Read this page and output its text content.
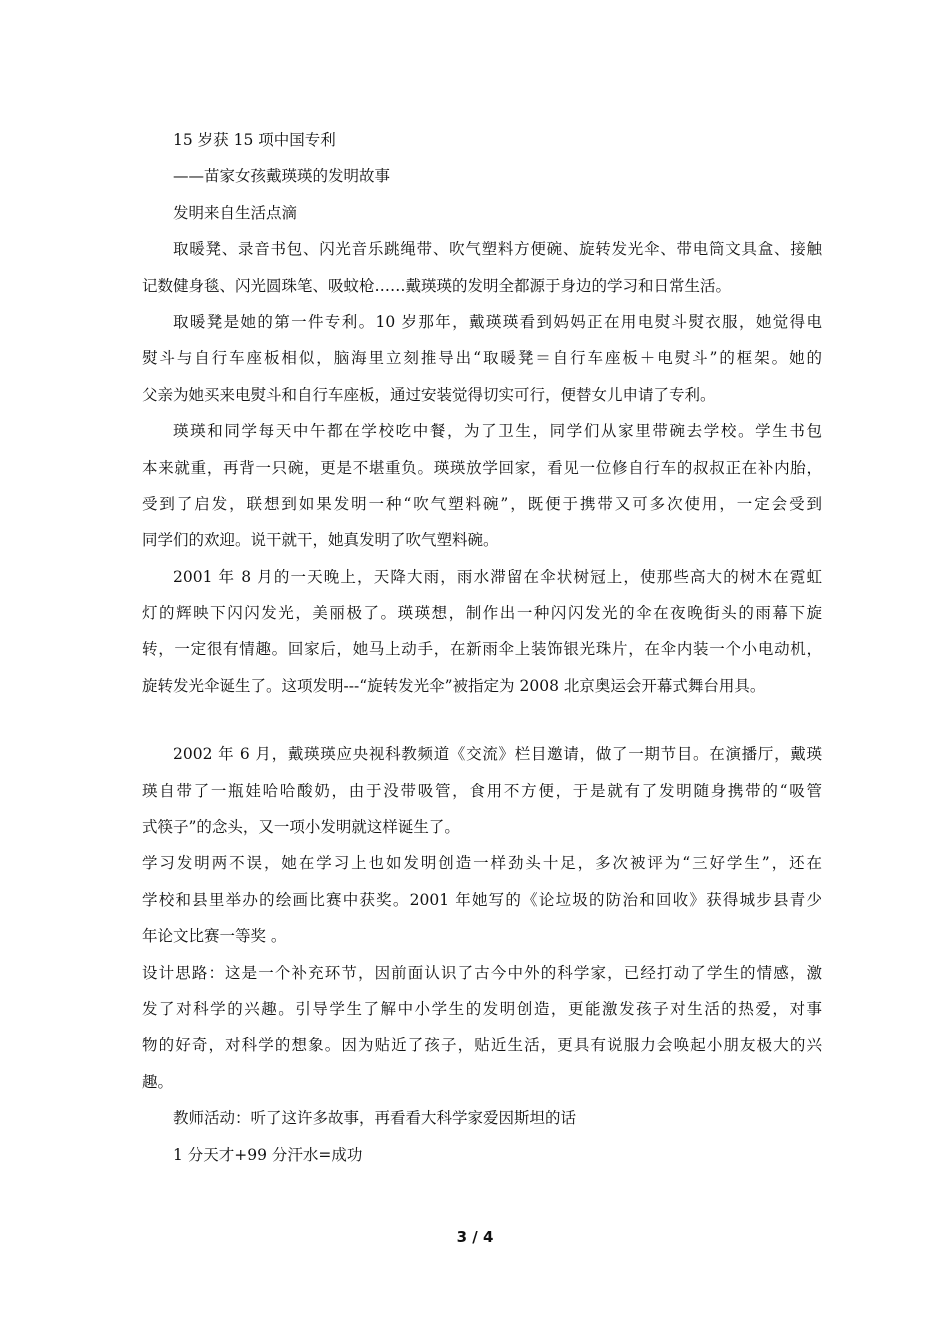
15 岁获 15 项中国专利
——苗家女孩戴瑛瑛的发明故事
发明来自生活点滴
取暖凳、录音书包、闪光音乐跳绳带、吹气塑料方便碗、旋转发光伞、带电筒文具盒、接触
记数健身毯、闪光圆珠笔、吸蚊枪……戴瑛瑛的发明全都源于身边的学习和日常生活。
取暖凳是她的第一件专利。10 岁那年，戴瑛瑛看到妈妈正在用电熨斗熨衣服，她觉得电
熨斗与自行车座板相似，脑海里立刻推导出“取暖凳＝自行车座板＋电熨斗”的框架。她的
父亲为她买来电熨斗和自行车座板，通过安装觉得切实可行，便替女儿申请了专利。
瑛瑛和同学每天中午都在学校吃中餐，为了卫生，同学们从家里带碗去学校。学生书包
本来就重，再背一只碗，更是不堪重负。瑛瑛放学回家，看见一位修自行车的叔叔正在补内胎，
受到了启发，联想到如果发明一种“吹气塑料碗”，既便于携带又可多次使用，一定会受到
同学们的欢迎。说干就干，她真发明了吹气塑料碗。
2001 年 8 月的一天晚上，天降大雨，雨水滞留在伞状树冠上，使那些高大的树木在霓虹
灯的辉映下闪闪发光，美丽极了。瑛瑛想，制作出一种闪闪发光的伞在夜晚街头的雨幕下旋
转，一定很有情趣。回家后，她马上动手，在新雨伞上装饰银光珠片，在伞内装一个小电动机，
旋转发光伞诞生了。这项发明---“旋转发光伞”被指定为 2008 北京奥运会开幕式舞台用具。
2002 年 6 月，戴瑛瑛应央视科教频道《交流》栏目邀请，做了一期节目。在演播厅，戴瑛
瑛自带了一瓶娃哈哈酸奶，由于没带吸管，食用不方便，于是就有了发明随身携带的“吸管
式筷子”的念头，又一项小发明就这样诞生了。
学习发明两不误，她在学习上也如发明创造一样劲头十足，多次被评为“三好学生”，还在
学校和县里举办的绘画比赛中获奖。2001 年她写的《论垃圾的防治和回收》获得城步县青少
年论文比赛一等奖 。
设计思路：这是一个补充环节，因前面认识了古今中外的科学家，已经打动了学生的情感，激
发了对科学的兴趣。引导学生了解中小学生的发明创造，更能激发孩子对生活的热爱，对事
物的好奇，对科学的想象。因为贴近了孩子，贴近生活，更具有说服力会唤起小朋友极大的兴
趣。
教师活动：听了这许多故事，再看看大科学家爱因斯坦的话
1 分天才+99 分汗水=成功
3 / 4
